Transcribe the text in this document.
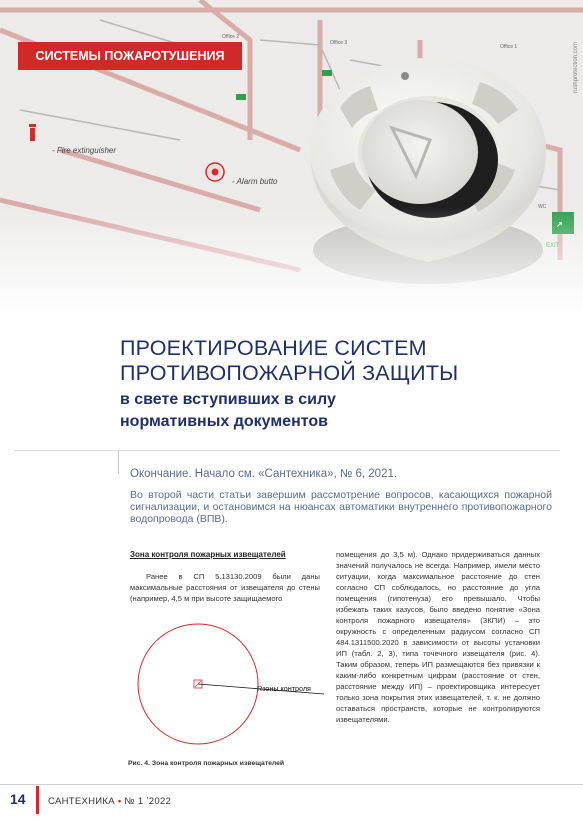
СИСТЕМЫ ПОЖАРОТУШЕНИЯ	rushprotection.com
ПРОЕКТИРОВАНИЕ СИСТЕМ
ПРОТИВОПОЖАРНОЙ ЗАЩИТЫ
в свете вступивших в силу
нормативных документов
Окончание. Начало см. «Сантехника», № 6, 2021.
Во второй части статьи завершим рассмотрение вопросов, касающихся пожарной сигнализации, и остановимся на нюансах автоматики внутреннего противопожарного водопровода (ВПВ).
Зона контроля пожарных извещателей

Ранее в СП 5.13130.2009 были даны максимальные расстояния от извещателя до стены (например, 4,5 м при высоте защищаемого

Rзоны контроля
Рис. 4. Зона контроля пожарных извещателей

помещения до 3,5 м). Однако придерживаться данных значений получалось не всегда. Например, имели место ситуации, когда максимальное расстояние до стен согласно СП соблюдалось, но расстояние до угла помещения (гипотенуза) его превышало. Чтобы избежать таких казусов, было введено понятие «Зона контроля пожарного извещателя» (ЗКПИ) – это окружность с определенным радиусом согласно СП 484.1311500.2020 в зависимости от высоты установки ИП (табл. 2, 3), типа точечного извещателя (рис. 4). Таким образом, теперь ИП размещаются без привязки к каким-либо конкретным цифрам (расстояние от стен, расстояние между ИП) – проектировщика интересует только зона покрытия этих извещателей, т. к. не должно оставаться пространств, которые не контролируются извещателями.

14 САНТЕХНИКА • № 1 ʼ2022
